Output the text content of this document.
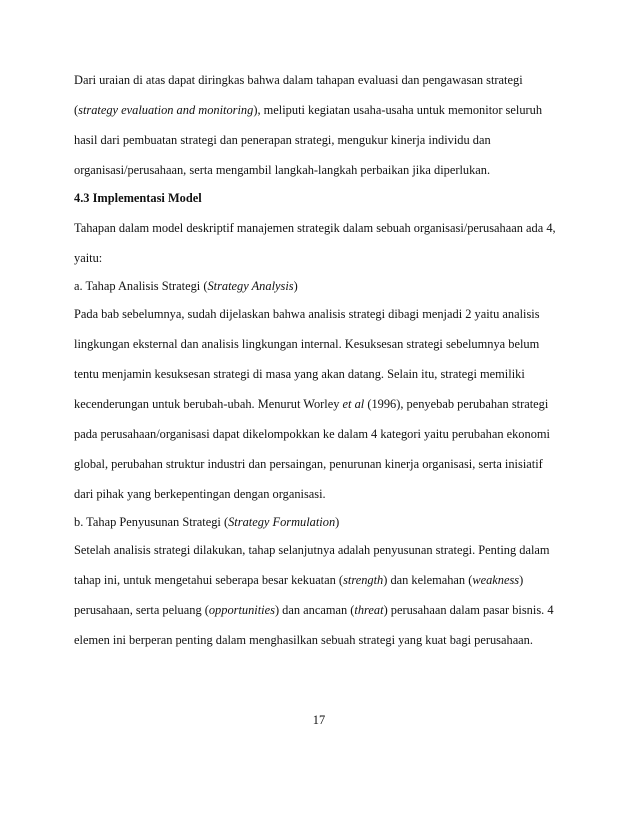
Dari uraian di atas dapat diringkas bahwa dalam tahapan evaluasi dan pengawasan strategi
(strategy evaluation and monitoring), meliputi kegiatan usaha-usaha untuk memonitor seluruh
hasil dari pembuatan strategi dan penerapan strategi, mengukur kinerja individu dan
organisasi/perusahaan, serta mengambil langkah-langkah perbaikan jika diperlukan.
4.3 Implementasi Model
Tahapan dalam model deskriptif manajemen strategik dalam sebuah organisasi/perusahaan ada 4,
yaitu:
a. Tahap Analisis Strategi (Strategy Analysis)
Pada bab sebelumnya, sudah dijelaskan bahwa analisis strategi dibagi menjadi 2 yaitu analisis
lingkungan eksternal dan analisis lingkungan internal. Kesuksesan strategi sebelumnya belum
tentu menjamin kesuksesan strategi di masa yang akan datang. Selain itu, strategi memiliki
kecenderungan untuk berubah-ubah. Menurut Worley et al (1996), penyebab perubahan strategi
pada perusahaan/organisasi dapat dikelompokkan ke dalam 4 kategori yaitu perubahan ekonomi
global, perubahan struktur industri dan persaingan, penurunan kinerja organisasi, serta inisiatif
dari pihak yang berkepentingan dengan organisasi.
b. Tahap Penyusunan Strategi (Strategy Formulation)
Setelah analisis strategi dilakukan, tahap selanjutnya adalah penyusunan strategi. Penting dalam
tahap ini, untuk mengetahui seberapa besar kekuatan (strength) dan kelemahan (weakness)
perusahaan, serta peluang (opportunities) dan ancaman (threat) perusahaan dalam pasar bisnis. 4
elemen ini berperan penting dalam menghasilkan sebuah strategi yang kuat bagi perusahaan.
17
